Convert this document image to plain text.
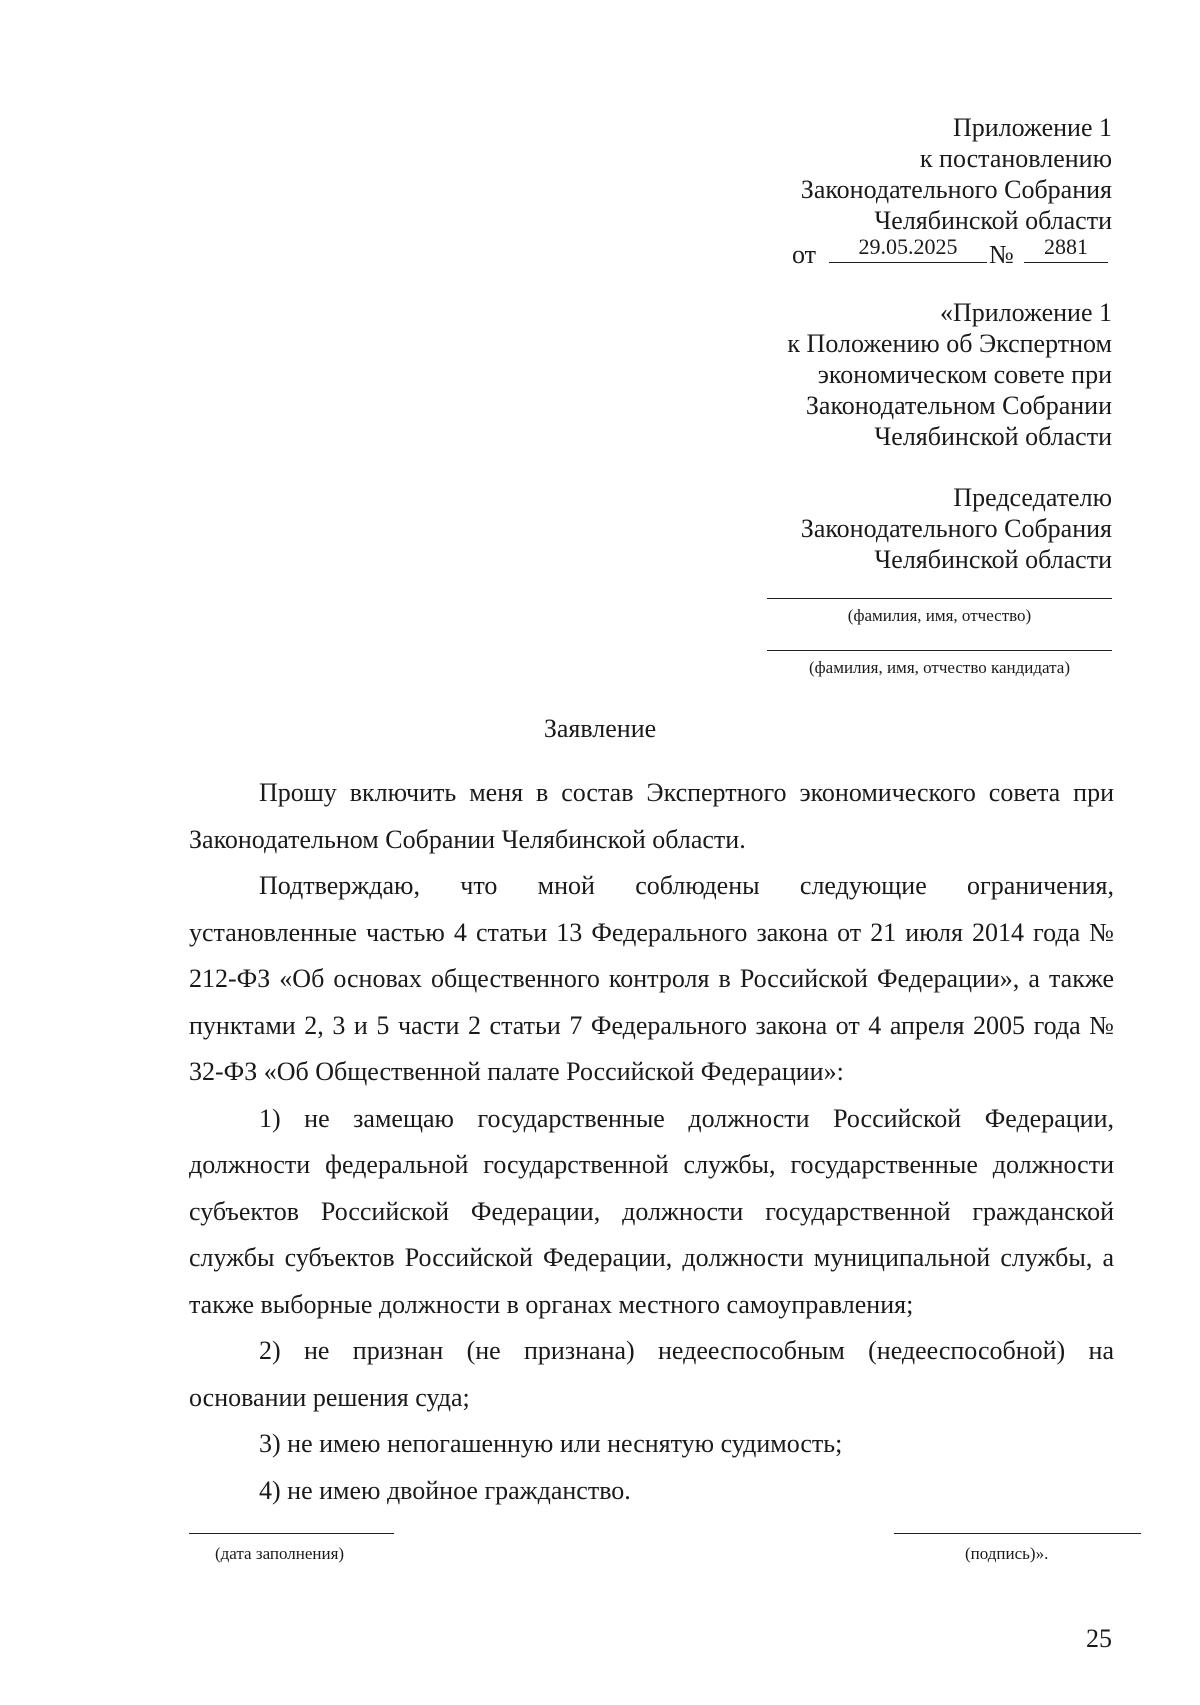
Приложение 1
к постановлению
Законодательного Собрания
Челябинской области
от	29.05.2025	№	2881
«Приложение 1
к Положению об Экспертном
экономическом совете при
Законодательном Собрании
Челябинской области
Председателю
Законодательного Собрания
Челябинской области
(фамилия, имя, отчество)
(фамилия, имя, отчество кандидата)
Заявление

Прошу включить меня в состав Экспертного экономического совета при Законодательном Собрании Челябинской области.

Подтверждаю, что мной соблюдены следующие ограничения, установленные частью 4 статьи 13 Федерального закона от 21 июля 2014 года № 212-ФЗ «Об основах общественного контроля в Российской Федерации», а также пунктами 2, 3 и 5 части 2 статьи 7 Федерального закона от 4 апреля 2005 года № 32-ФЗ «Об Общественной палате Российской Федерации»:

1) не замещаю государственные должности Российской Федерации, должности федеральной государственной службы, государственные должности субъектов Российской Федерации, должности государственной гражданской службы субъектов Российской Федерации, должности муниципальной службы, а также выборные должности в органах местного самоуправления;

2) не признан (не признана) недееспособным (недееспособной) на основании решения суда;

3) не имею непогашенную или неснятую судимость;

4) не имею двойное гражданство.

(дата заполнения)	(подпись)».
25
